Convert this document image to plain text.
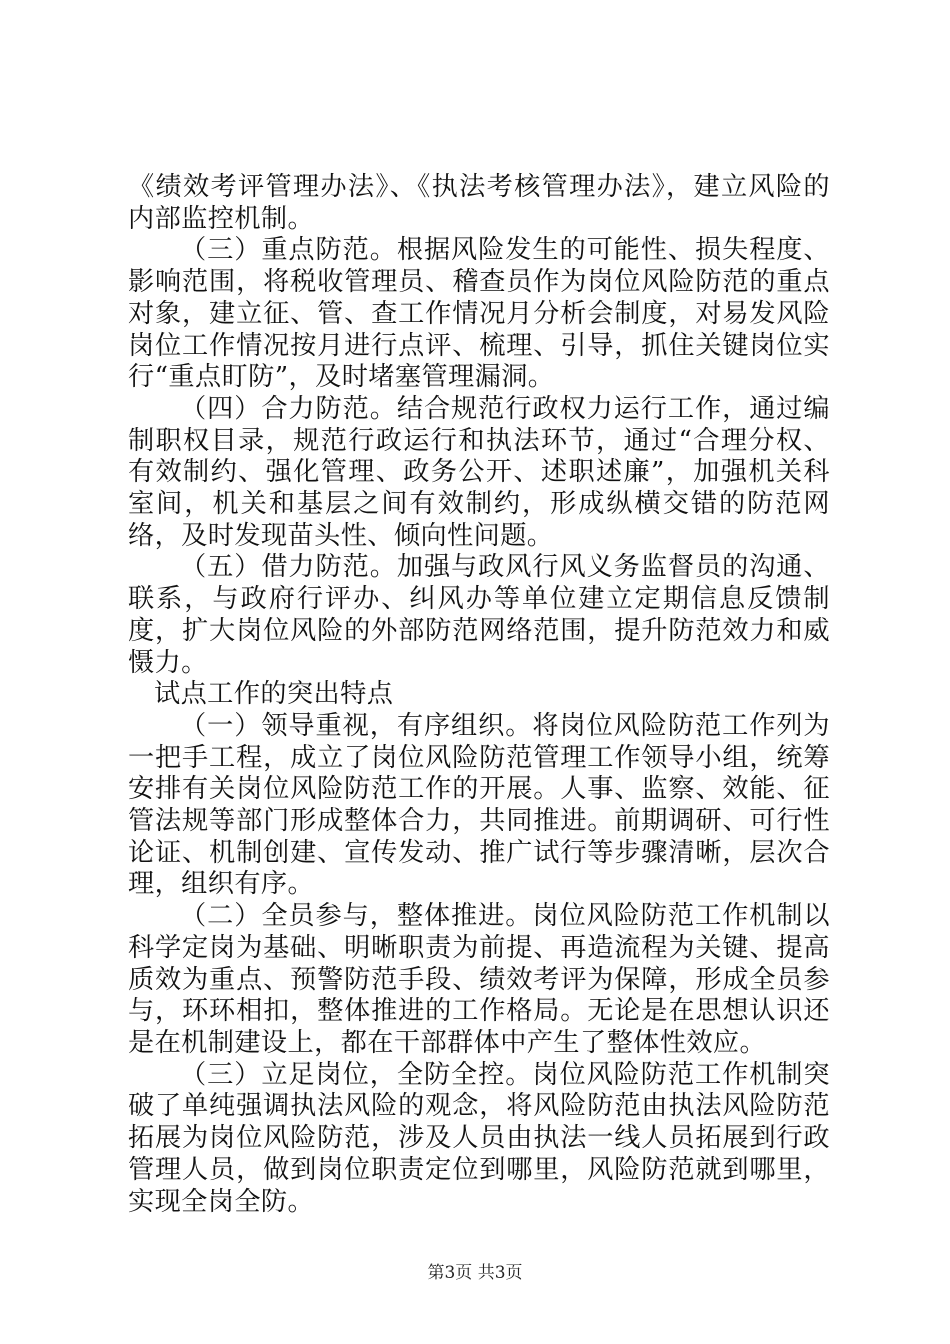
《绩效考评管理办法》、《执法考核管理办法》，建立风险的内部监控机制。

（三）重点防范。根据风险发生的可能性、损失程度、影响范围，将税收管理员、稽查员作为岗位风险防范的重点对象，建立征、管、查工作情况月分析会制度，对易发风险岗位工作情况按月进行点评、梳理、引导，抓住关键岗位实行“重点盯防”，及时堵塞管理漏洞。

（四）合力防范。结合规范行政权力运行工作，通过编制职权目录，规范行政运行和执法环节，通过“合理分权、有效制约、强化管理、政务公开、述职述廉”，加强机关科室间，机关和基层之间有效制约，形成纵横交错的防范网络，及时发现苗头性、倾向性问题。

（五）借力防范。加强与政风行风义务监督员的沟通、联系，与政府行评办、纠风办等单位建立定期信息反馈制度，扩大岗位风险的外部防范网络范围，提升防范效力和威慑力。

试点工作的突出特点

（一）领导重视，有序组织。将岗位风险防范工作列为一把手工程，成立了岗位风险防范管理工作领导小组，统筹安排有关岗位风险防范工作的开展。人事、监察、效能、征管法规等部门形成整体合力，共同推进。前期调研、可行性论证、机制创建、宣传发动、推广试行等步骤清晰，层次合理，组织有序。

（二）全员参与，整体推进。岗位风险防范工作机制以科学定岗为基础、明晰职责为前提、再造流程为关键、提高质效为重点、预警防范手段、绩效考评为保障，形成全员参与，环环相扣，整体推进的工作格局。无论是在思想认识还是在机制建设上，都在干部群体中产生了整体性效应。

（三）立足岗位，全防全控。岗位风险防范工作机制突破了单纯强调执法风险的观念，将风险防范由执法风险防范拓展为岗位风险防范，涉及人员由执法一线人员拓展到行政管理人员，做到岗位职责定位到哪里，风险防范就到哪里，实现全岗全防。

第3页 共3页
